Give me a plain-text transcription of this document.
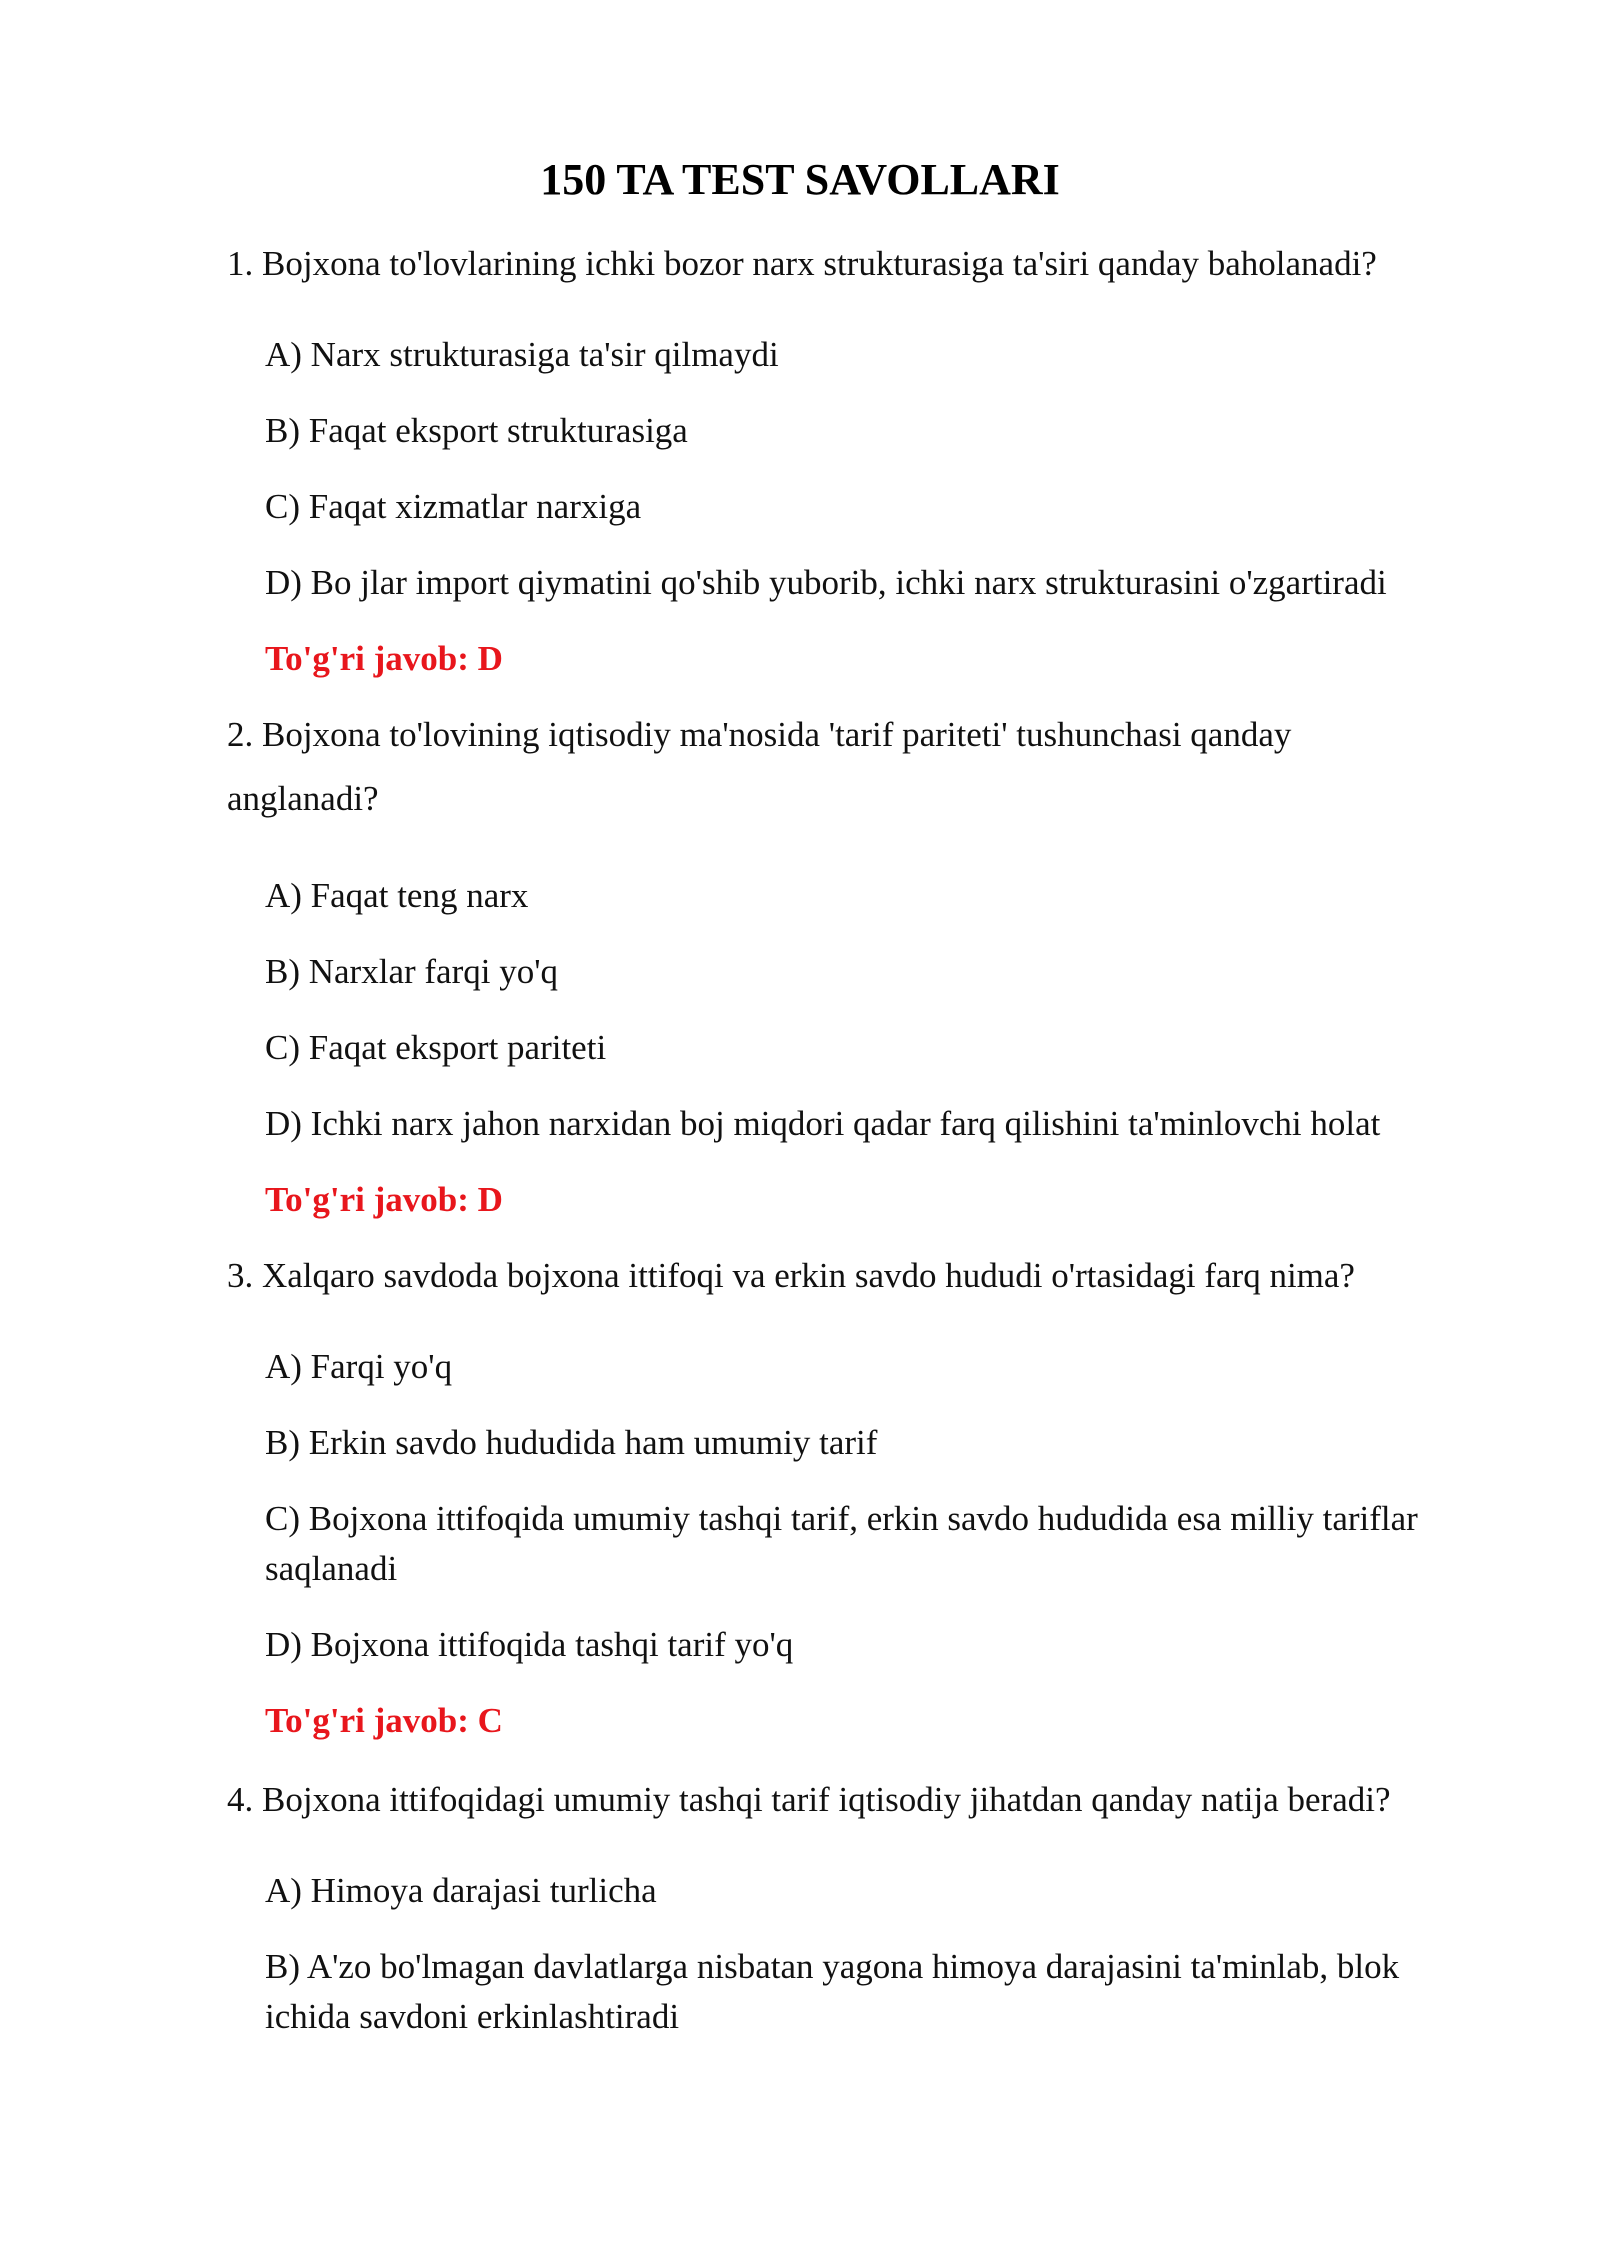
150 TA TEST SAVOLLARI
1. Bojxona to'lovlarining ichki bozor narx strukturasiga ta'siri qanday baholanadi?
A) Narx strukturasiga ta'sir qilmaydi
B) Faqat eksport strukturasiga
C) Faqat xizmatlar narxiga
D) Bo jlar import qiymatini qo'shib yuborib, ichki narx strukturasini o'zgartiradi
To'g'ri javob: D
2. Bojxona to'lovining iqtisodiy ma'nosida 'tarif pariteti' tushunchasi qanday anglanadi?
A) Faqat teng narx
B) Narxlar farqi yo'q
C) Faqat eksport pariteti
D) Ichki narx jahon narxidan boj miqdori qadar farq qilishini ta'minlovchi holat
To'g'ri javob: D
3. Xalqaro savdoda bojxona ittifoqi va erkin savdo hududi o'rtasidagi farq nima?
A) Farqi yo'q
B) Erkin savdo hududida ham umumiy tarif
C) Bojxona ittifoqida umumiy tashqi tarif, erkin savdo hududida esa milliy tariflar saqlanadi
D) Bojxona ittifoqida tashqi tarif yo'q
To'g'ri javob: C
4. Bojxona ittifoqidagi umumiy tashqi tarif iqtisodiy jihatdan qanday natija beradi?
A) Himoya darajasi turlicha
B) A'zo bo'lmagan davlatlarga nisbatan yagona himoya darajasini ta'minlab, blok ichida savdoni erkinlashtiradi
